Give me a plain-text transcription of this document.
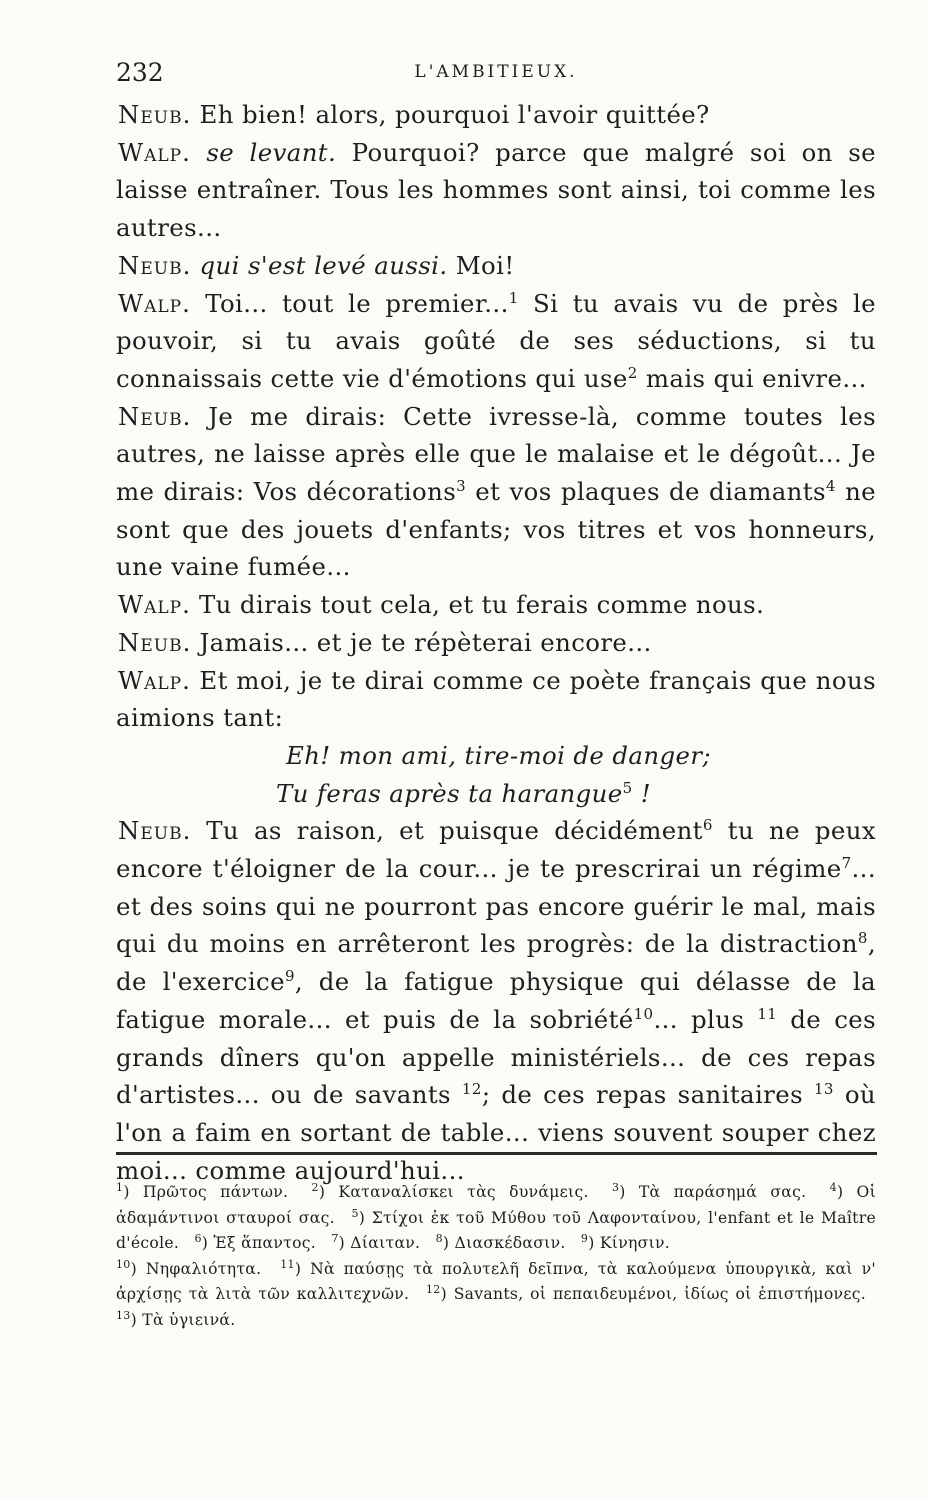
232	L'AMBITIEUX.

Neub. Eh bien! alors, pourquoi l'avoir quittée?

Walp. se levant. Pourquoi? parce que malgré soi on se laisse entraîner. Tous les hommes sont ainsi, toi comme les autres...

Neub. qui s'est levé aussi. Moi!

Walp. Toi... tout le premier...$^1$ Si tu avais vu de près le pouvoir, si tu avais goûté de ses séductions, si tu connaissais cette vie d'émotions qui use$^2$ mais qui enivre...

Neub. Je me dirais: Cette ivresse-là, comme toutes les autres, ne laisse après elle que le malaise et le dégoût... Je me dirais: Vos décorations$^3$ et vos plaques de diamants$^4$ ne sont que des jouets d'enfants; vos titres et vos honneurs, une vaine fumée...

Walp. Tu dirais tout cela, et tu ferais comme nous.

Neub. Jamais... et je te répèterai encore...

Walp. Et moi, je te dirai comme ce poète français que nous aimions tant:

Eh! mon ami, tire-moi de danger;

Tu feras après ta harangue$^5$ !

Neub. Tu as raison, et puisque décidément$^6$ tu ne peux encore t'éloigner de la cour... je te prescrirai un régime$^7$... et des soins qui ne pourront pas encore guérir le mal, mais qui du moins en arrêteront les progrès: de la distraction$^8$, de l'exercice$^9$, de la fatigue physique qui délasse de la fatigue morale... et puis de la sobriété$^{10}$... plus $^{11}$ de ces grands dîners qu'on appelle ministériels... de ces repas d'artistes... ou de savants $^{12}$; de ces repas sanitaires $^{13}$ où l'on a faim en sortant de table... viens souvent souper chez moi... comme aujourd'hui...

$^1$) Πρῶτος πάντων. $^2$) Καταναλίσκει τὰς δυνάμεις. $^3$) Τὰ παράσημά σας. $^4$) Οἱ ἀδαμάντινοι σταυροί σας. $^5$) Στίχοι ἐκ τοῦ Μύθου τοῦ Λαφονταίνου, l'enfant et le Maître d'école. $^6$) Ἐξ ἅπαντος. $^7$) Δίαιταν. $^8$) Διασκέδασιν. $^9$) Κίνησιν.

$^{10}$) Νηφαλιότητα. $^{11}$) Νὰ παύσῃς τὰ πολυτελῆ δεῖπνα, τὰ καλούμενα ὑπουργικὰ, καὶ ν' ἀρχίσῃς τὰ λιτὰ τῶν καλλιτεχνῶν. $^{12}$) Savants, οἱ πεπαιδευμένοι, ἰδίως οἱ ἐπιστήμονες. $^{13}$) Τὰ ὑγιεινά.
